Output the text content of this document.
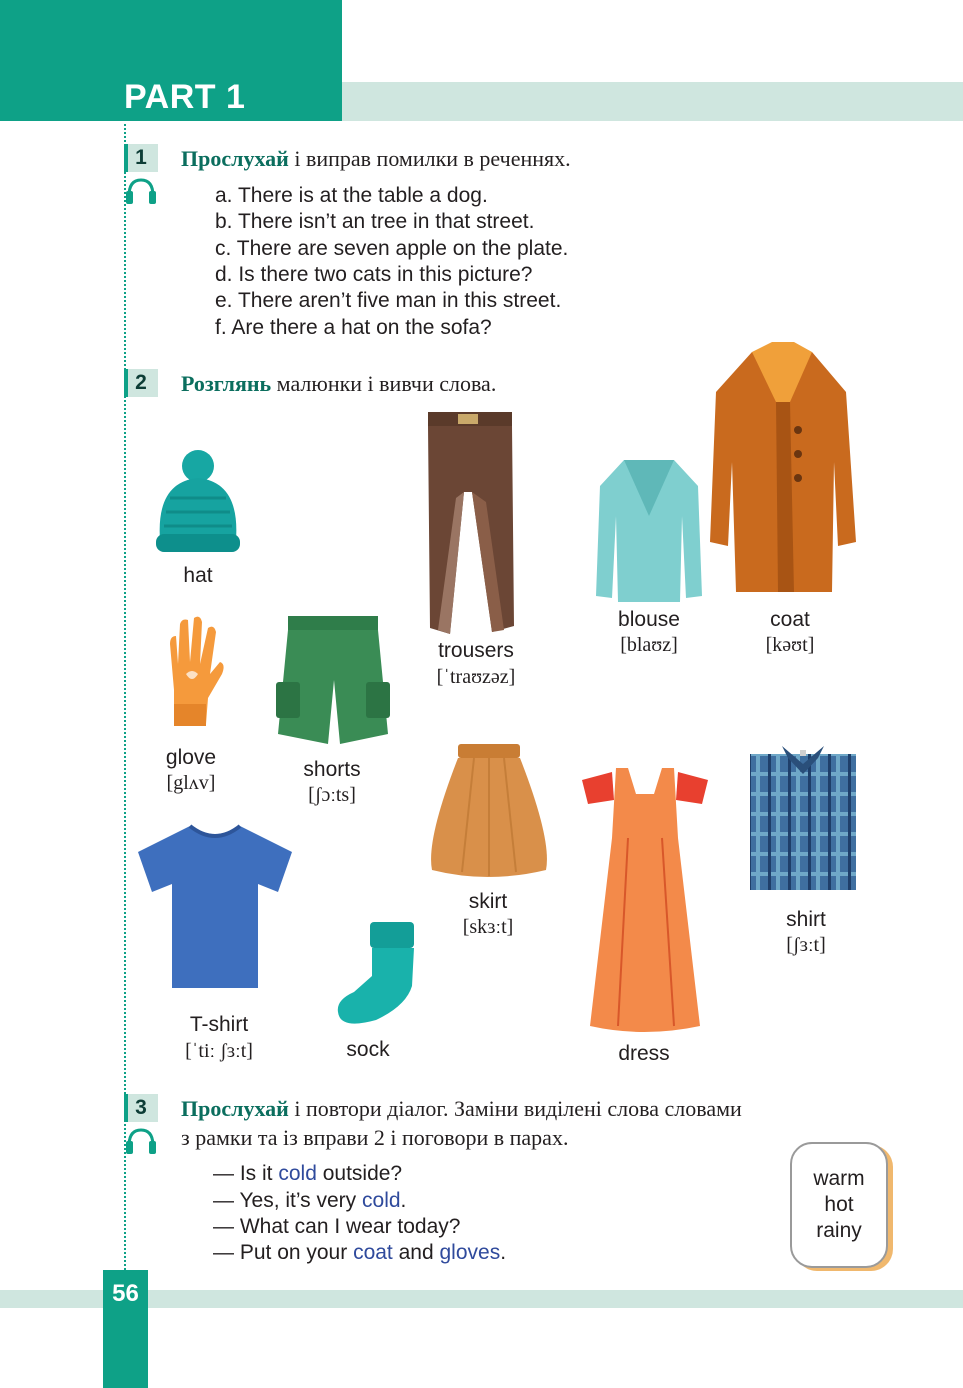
PART 1
1	Прослухай і виправ помилки в реченнях.
a. There is at the table a dog.
b. There isn’t an tree in that street.
c. There are seven apple on the plate.
d. Is there two cats in this picture?
e. There aren’t five man in this street.
f. Are there a hat on the sofa?
2	Розглянь малюнки і вивчи слова.
hat
trousers
[ˈtraʊzəz]
blouse
[blaʊz]
coat
[kəʊt]
glove
[glʌv]
shorts
[ʃɔːts]
skirt
[skɜːt]
dress
shirt
[ʃɜːt]
T-shirt
[ˈtiː ʃɜːt]	sock
3	Прослухай і повтори діалог. Заміни виділені слова словами
з рамки та із вправи 2 і поговори в парах.
— Is it cold outside?
— Yes, it’s very cold.
— What can I wear today?
— Put on your coat and gloves.
warm
hot
rainy
56
